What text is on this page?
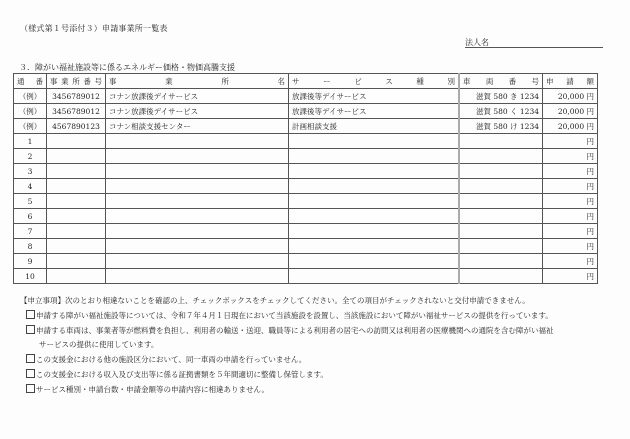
（様式第１号添付３）申請事業所一覧表
法人名
３．障がい福祉施設等に係るエネルギー価格・物価高騰支援
通　番	事業所番号	事　　業　　所　　名	サ　ー　ビ　ス　種　別	車　両　番　号	申　請　額
（例）	3456789012	コナン放課後デイサービス	放課後等デイサービス	滋賀 580 き 1234	20,000 円
（例）	3456789012	コナン放課後デイサービス	放課後等デイサービス	滋賀 580 く 1234	20,000 円
（例）	4567890123	コナン相談支援センター	計画相談支援	滋賀 580 け 1234	20,000 円
1					円
2					円
3					円
4					円
5					円
6					円
7					円
8					円
9					円
10					円
【申立事項】次のとおり相違ないことを確認の上、チェックボックスをチェックしてください。全ての項目がチェックされないと交付申請できません。
申請する障がい福祉施設等については、令和７年４月１日現在において当該施設を設置し、当該施設において障がい福祉サービスの提供を行っています。
申請する車両は、事業者等が燃料費を負担し、利用者の輸送・送迎、職員等による利用者の居宅への訪問又は利用者の医療機関への通院を含む障がい福祉
サービスの提供に使用しています。
この支援金における他の施設区分において、同一車両の申請を行っていません。
この支援金における収入及び支出等に係る証拠書類を５年間適切に整備し保管します。
サービス種別・申請台数・申請金額等の申請内容に相違ありません。
